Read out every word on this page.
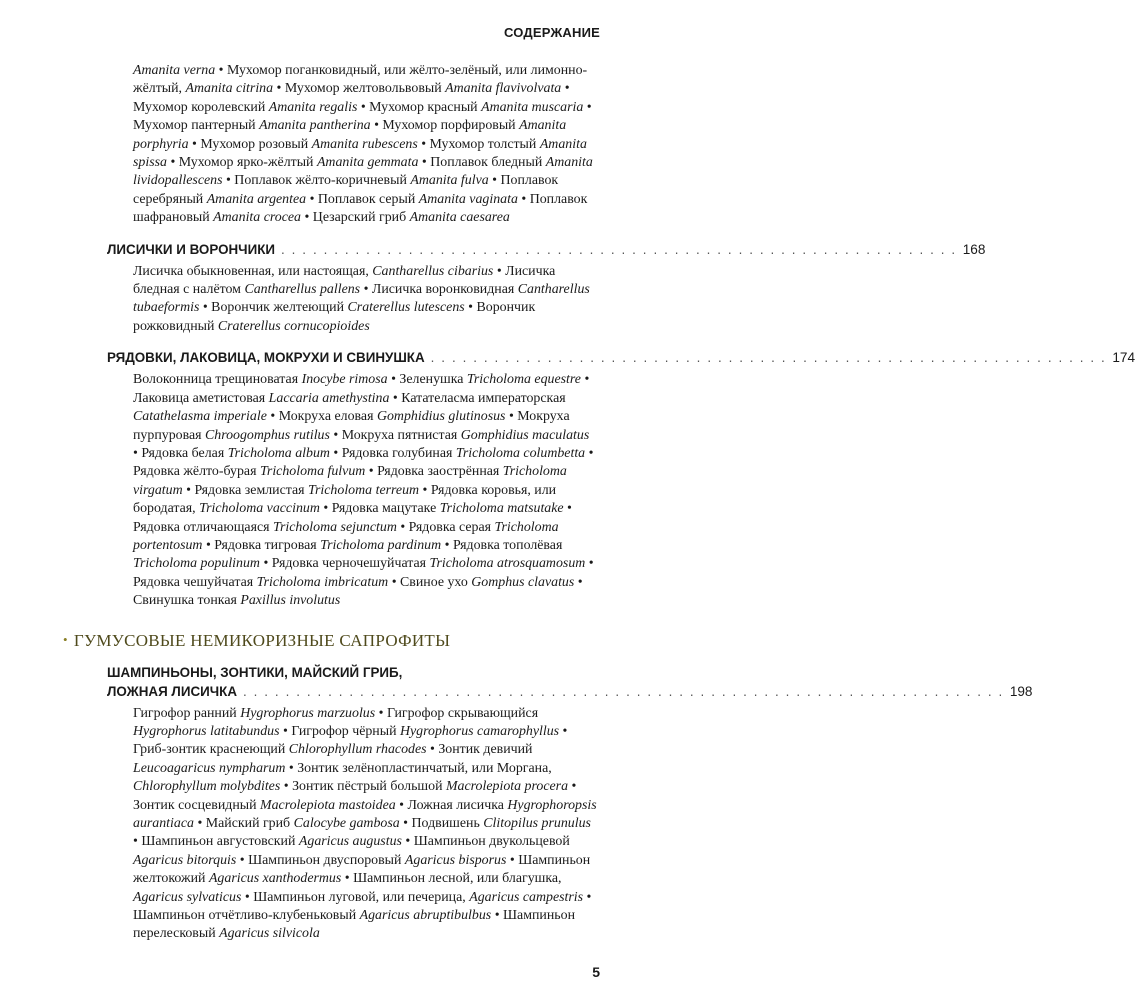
СОДЕРЖАНИЕ

Amanita verna • Мухомор поганковидный, или жёлто-зелёный, или лимонно-жёлтый, Amanita citrina • Мухомор желтовольвовый Amanita flavivolvata • Мухомор королевский Amanita regalis • Мухомор красный Amanita muscaria • Мухомор пантерный Amanita pantherina • Мухомор порфировый Amanita porphyria • Мухомор розовый Amanita rubescens • Мухомор толстый Amanita spissa • Мухомор ярко-жёлтый Amanita gemmata • Поплавок бледный Amanita lividopallescens • Поплавок жёлто-коричневый Amanita fulva • Поплавок серебряный Amanita argentea • Поплавок серый Amanita vaginata • Поплавок шафрановый Amanita crocea • Цезарский гриб Amanita caesarea

ЛИСИЧКИ И ВОРОНЧИКИ . . . . . . . . . . . . . . . . . . . . . . . . . . . . . . . . . . . . . . . . . . . . . . . . . . . . . . . . . . . . . . . . 168

Лисичка обыкновенная, или настоящая, Cantharellus cibarius • Лисичка бледная с налётом Cantharellus pallens • Лисичка воронковидная Cantharellus tubaeformis • Ворончик желтеющий Craterellus lutescens • Ворончик рожковидный Craterellus cornucopioides

РЯДОВКИ, ЛАКОВИЦА, МОКРУХИ И СВИНУШКА . . . . . . . . . . . . . . . . . . . . . . . . . . . . . . . . . . . . . . . . . . . . . . . . . . . . . . . . . . . . . . . . 174

Волоконница трещиноватая Inocybe rimosa • Зеленушка Tricholoma equestre • Лаковица аметистовая Laccaria amethystina • Катателасма императорская Catathelasma imperiale • Мокруха еловая Gomphidius glutinosus • Мокруха пурпуровая Chroogomphus rutilus • Мокруха пятнистая Gomphidius maculatus • Рядовка белая Tricholoma album • Рядовка голубиная Tricholoma columbetta • Рядовка жёлто-бурая Tricholoma fulvum • Рядовка заострённая Tricholoma virgatum • Рядовка землистая Tricholoma terreum • Рядовка коровья, или бородатая, Tricholoma vaccinum • Рядовка мацутаке Tricholoma matsutake • Рядовка отличающаяся Tricholoma sejunctum • Рядовка серая Tricholoma portentosum • Рядовка тигровая Tricholoma pardinum • Рядовка тополёвая Tricholoma populinum • Рядовка черночешуйчатая Tricholoma atrosquamosum • Рядовка чешуйчатая Tricholoma imbricatum • Свиное ухо Gomphus clavatus • Свинушка тонкая Paxillus involutus

• ГУМУСОВЫЕ НЕМИКОРИЗНЫЕ САПРОФИТЫ
ШАМПИНЬОНЫ, ЗОНТИКИ, МАЙСКИЙ ГРИБ,
ЛОЖНАЯ ЛИСИЧКА . . . . . . . . . . . . . . . . . . . . . . . . . . . . . . . . . . . . . . . . . . . . . . . . . . . . . . . . . . . . . . . . . . . . . . . . 198

Гигрофор ранний Hygrophorus marzuolus • Гигрофор скрывающийся Hygrophorus latitabundus • Гигрофор чёрный Hygrophorus camarophyllus • Гриб-зонтик краснеющий Chlorophyllum rhacodes • Зонтик девичий Leucoagaricus nympharum • Зонтик зелёнопластинчатый, или Моргана, Chlorophyllum molybdites • Зонтик пёстрый большой Macrolepiota procera • Зонтик сосцевидный Macrolepiota mastoidea • Ложная лисичка Hygrophoropsis aurantiaca • Майский гриб Calocybe gambosa • Подвишень Clitopilus prunulus • Шампиньон августовский Agaricus augustus • Шампиньон двукольцевой Agaricus bitorquis • Шампиньон двуспоровый Agaricus bisporus • Шампиньон желтокожий Agaricus xanthodermus • Шампиньон лесной, или благушка, Agaricus sylvaticus • Шампиньон луговой, или печерица, Agaricus campestris • Шампиньон отчётливо-клубеньковый Agaricus abruptibulbus • Шампиньон перелесковый Agaricus silvicola

5
